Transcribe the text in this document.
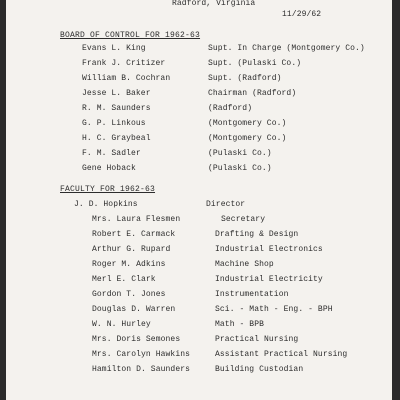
Radford, Virginia
11/29/62
BOARD OF CONTROL FOR 1962-63
Evans L. King	Supt. In Charge (Montgomery Co.)
Frank J. Critizer	Supt. (Pulaski Co.)
William B. Cochran	Supt. (Radford)
Jesse L. Baker	Chairman (Radford)
R. M. Saunders	(Radford)
G. P. Linkous	(Montgomery Co.)
H. C. Graybeal	(Montgomery Co.)
F. M. Sadler	(Pulaski Co.)
Gene Hoback	(Pulaski Co.)
FACULTY FOR 1962-63
J. D. Hopkins	Director
Mrs. Laura Flesmen	Secretary
Robert E. Carmack	Drafting & Design
Arthur G. Rupard	Industrial Electronics
Roger M. Adkins	Machine Shop
Merl E. Clark	Industrial Electricity
Gordon T. Jones	Instrumentation
Douglas D. Warren	Sci. - Math - Eng. - BPH
W. N. Hurley	Math - BPB
Mrs. Doris Semones	Practical Nursing
Mrs. Carolyn Hawkins	Assistant Practical Nursing
Hamilton D. Saunders	Building Custodian
